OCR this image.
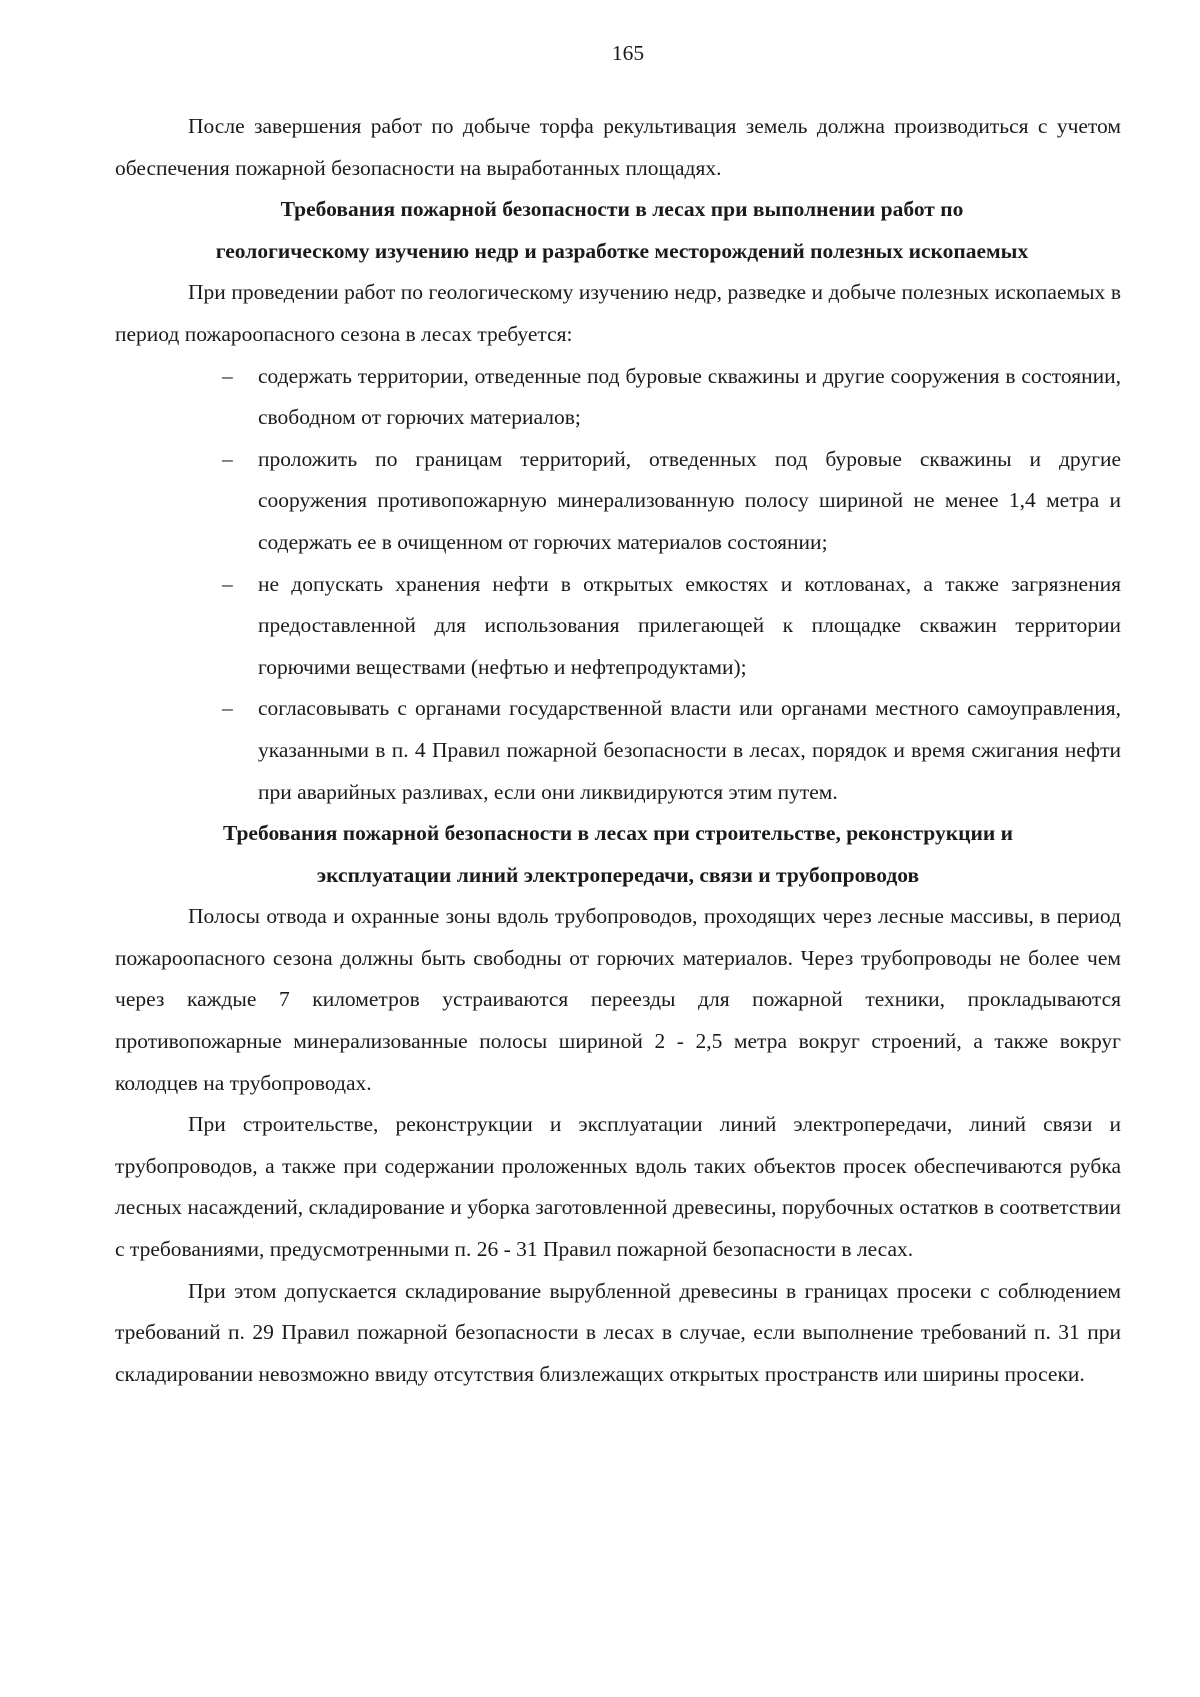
165

После завершения работ по добыче торфа рекультивация земель должна производиться с учетом обеспечения пожарной безопасности на выработанных площадях.

Требования пожарной безопасности в лесах при выполнении работ по
геологическому изучению недр и разработке месторождений полезных ископаемых

При проведении работ по геологическому изучению недр, разведке и добыче полезных ископаемых в период пожароопасного сезона в лесах требуется:

– содержать территории, отведенные под буровые скважины и другие сооружения в состоянии, свободном от горючих материалов;
– проложить по границам территорий, отведенных под буровые скважины и другие сооружения противопожарную минерализованную полосу шириной не менее 1,4 метра и содержать ее в очищенном от горючих материалов состоянии;
– не допускать хранения нефти в открытых емкостях и котлованах, а также загрязнения предоставленной для использования прилегающей к площадке скважин территории горючими веществами (нефтью и нефтепродуктами);
– согласовывать с органами государственной власти или органами местного самоуправления, указанными в п. 4 Правил пожарной безопасности в лесах, порядок и время сжигания нефти при аварийных разливах, если они ликвидируются этим путем.
Требования пожарной безопасности в лесах при строительстве, реконструкции и
эксплуатации линий электропередачи, связи и трубопроводов

Полосы отвода и охранные зоны вдоль трубопроводов, проходящих через лесные массивы, в период пожароопасного сезона должны быть свободны от горючих материалов. Через трубопроводы не более чем через каждые 7 километров устраиваются переезды для пожарной техники, прокладываются противопожарные минерализованные полосы шириной 2 - 2,5 метра вокруг строений, а также вокруг колодцев на трубопроводах.

При строительстве, реконструкции и эксплуатации линий электропередачи, линий связи и трубопроводов, а также при содержании проложенных вдоль таких объектов просек обеспечиваются рубка лесных насаждений, складирование и уборка заготовленной древесины, порубочных остатков в соответствии с требованиями, предусмотренными п. 26 - 31 Правил пожарной безопасности в лесах.

При этом допускается складирование вырубленной древесины в границах просеки с соблюдением требований п. 29 Правил пожарной безопасности в лесах в случае, если выполнение требований п. 31 при складировании невозможно ввиду отсутствия близлежащих открытых пространств или ширины просеки.
